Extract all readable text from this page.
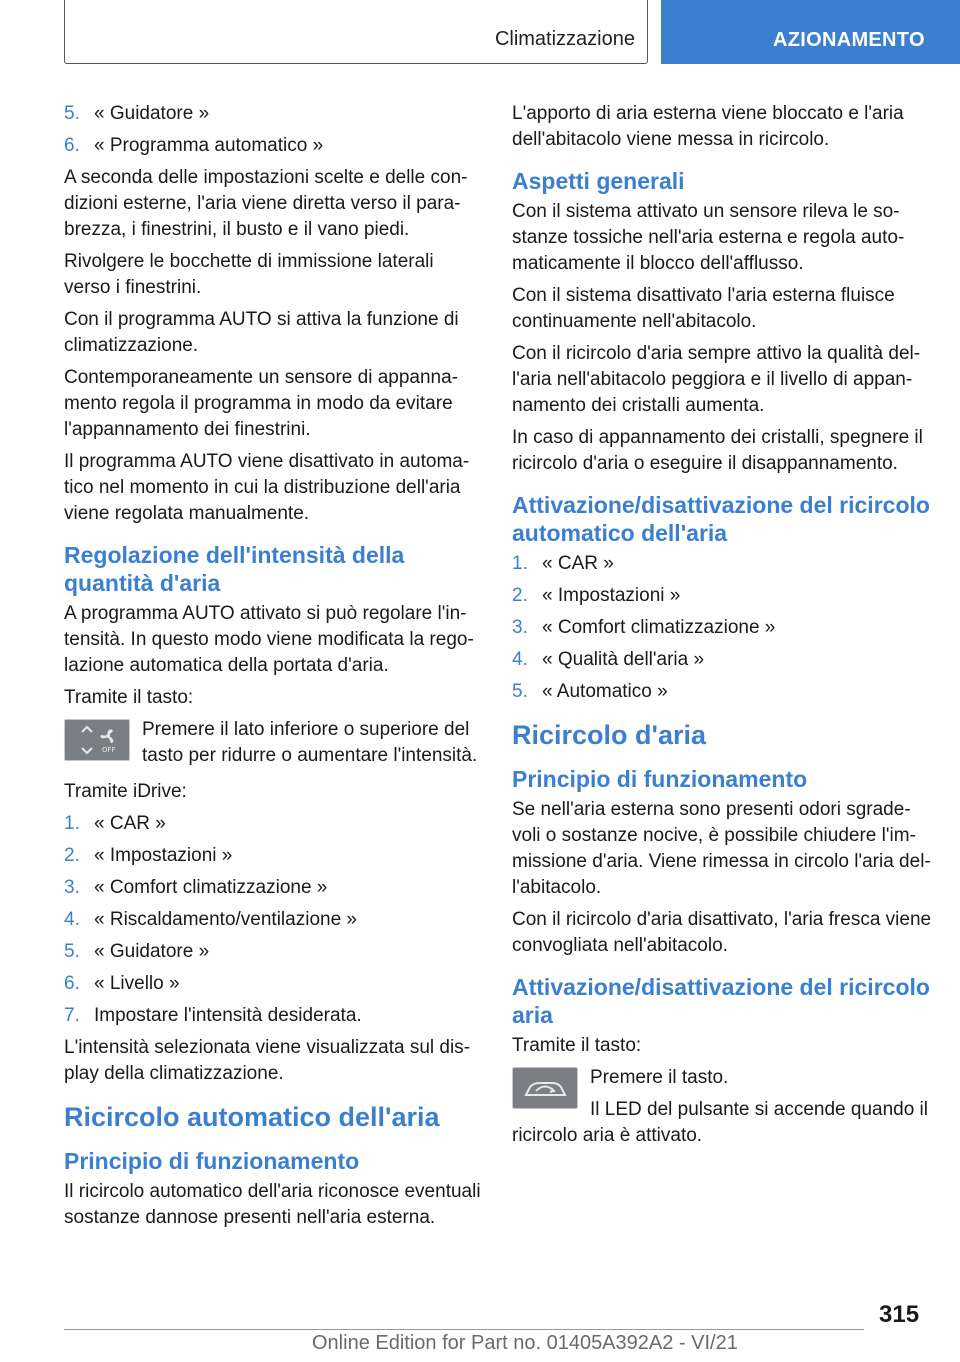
Climatizzazione	AZIONAMENTO
5. « Guidatore »
6. « Programma automatico »

A seconda delle impostazioni scelte e delle condizioni esterne, l'aria viene diretta verso il parabrezza, i finestrini, il busto e il vano piedi.

Rivolgere le bocchette di immissione laterali verso i finestrini.

Con il programma AUTO si attiva la funzione di climatizzazione.

Contemporaneamente un sensore di appannamento regola il programma in modo da evitare l'appannamento dei finestrini.

Il programma AUTO viene disattivato in automatico nel momento in cui la distribuzione dell'aria viene regolata manualmente.

Regolazione dell'intensità della quantità d'aria

A programma AUTO attivato si può regolare l'intensità. In questo modo viene modificata la regolazione automatica della portata d'aria.

Tramite il tasto:

OFF
Premere il lato inferiore o superiore del tasto per ridurre o aumentare l'intensità.

Tramite iDrive:

1. « CAR »
2. « Impostazioni »
3. « Comfort climatizzazione »
4. « Riscaldamento/ventilazione »
5. « Guidatore »
6. « Livello »
7. Impostare l'intensità desiderata.

L'intensità selezionata viene visualizzata sul display della climatizzazione.

Ricircolo automatico dell'aria
Principio di funzionamento

Il ricircolo automatico dell'aria riconosce eventuali sostanze dannose presenti nell'aria esterna.

L'apporto di aria esterna viene bloccato e l'aria dell'abitacolo viene messa in ricircolo.

Aspetti generali

Con il sistema attivato un sensore rileva le sostanze tossiche nell'aria esterna e regola automaticamente il blocco dell'afflusso.

Con il sistema disattivato l'aria esterna fluisce continuamente nell'abitacolo.

Con il ricircolo d'aria sempre attivo la qualità dell'aria nell'abitacolo peggiora e il livello di appannamento dei cristalli aumenta.

In caso di appannamento dei cristalli, spegnere il ricircolo d'aria o eseguire il disappannamento.

Attivazione/disattivazione del ricircolo automatico dell'aria
1. « CAR »
2. « Impostazioni »
3. « Comfort climatizzazione »
4. « Qualità dell'aria »
5. « Automatico »
Ricircolo d'aria
Principio di funzionamento

Se nell'aria esterna sono presenti odori sgradevoli o sostanze nocive, è possibile chiudere l'immissione d'aria. Viene rimessa in circolo l'aria dell'abitacolo.

Con il ricircolo d'aria disattivato, l'aria fresca viene convogliata nell'abitacolo.

Attivazione/disattivazione del ricircolo aria

Tramite il tasto:

Premere il tasto.
Il LED del pulsante si accende quando il ricircolo aria è attivato.
315
Online Edition for Part no. 01405A392A2 - VI/21
